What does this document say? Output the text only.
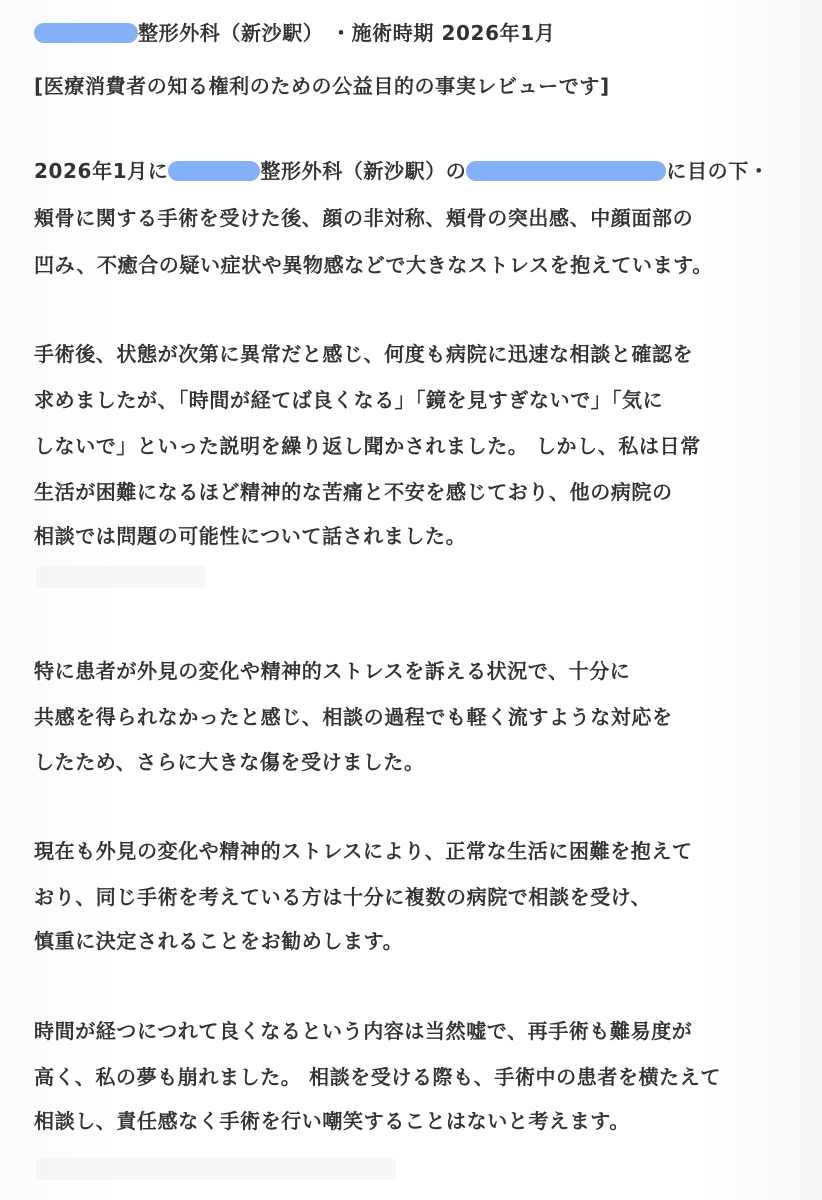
整形外科（新沙駅） ・施術時期 2026年1月
[医療消費者の知る権利のための公益目的の事実レビューです]
2026年1月に	整形外科（新沙駅）の	に目の下・
頬骨に関する手術を受けた後、顔の非対称、頬骨の突出感、中顔面部の
凹み、不癒合の疑い症状や異物感などで大きなストレスを抱えています。
手術後、状態が次第に異常だと感じ、何度も病院に迅速な相談と確認を
求めましたが、「時間が経てば良くなる」「鏡を見すぎないで」「気に
しないで」といった説明を繰り返し聞かされました。 しかし、私は日常
生活が困難になるほど精神的な苦痛と不安を感じており、他の病院の
相談では問題の可能性について話されました。
特に患者が外見の変化や精神的ストレスを訴える状況で、十分に
共感を得られなかったと感じ、相談の過程でも軽く流すような対応を
したため、さらに大きな傷を受けました。
現在も外見の変化や精神的ストレスにより、正常な生活に困難を抱えて
おり、同じ手術を考えている方は十分に複数の病院で相談を受け、
慎重に決定されることをお勧めします。
時間が経つにつれて良くなるという内容は当然嘘で、再手術も難易度が
高く、私の夢も崩れました。 相談を受ける際も、手術中の患者を横たえて
相談し、責任感なく手術を行い嘲笑することはないと考えます。
